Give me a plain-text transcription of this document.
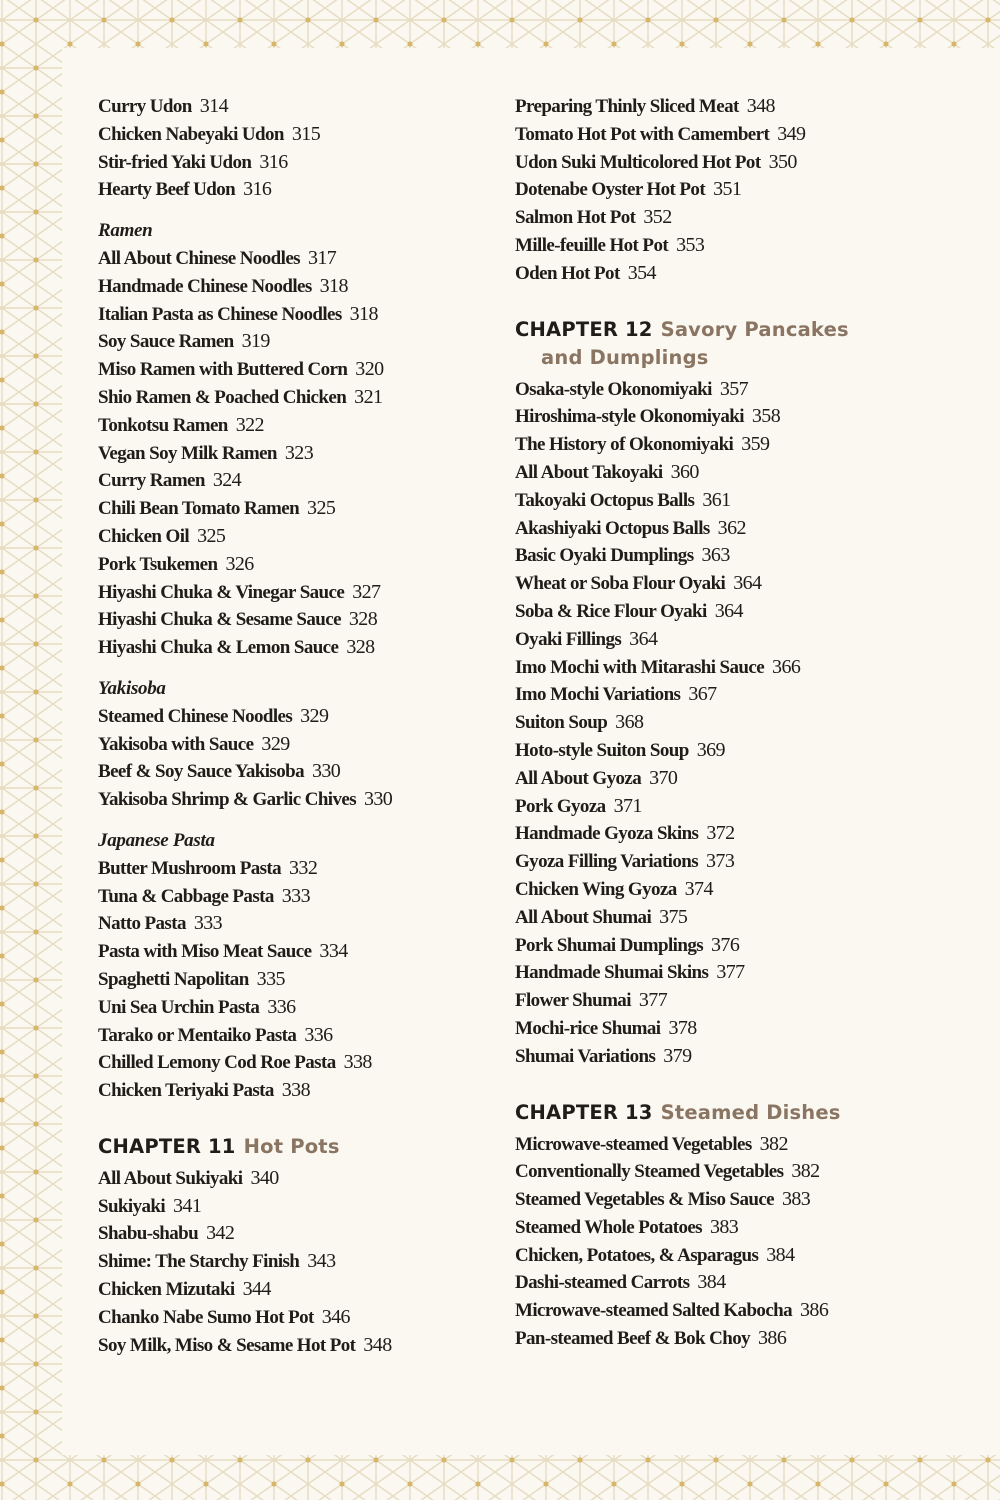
Curry Udon 314
Chicken Nabeyaki Udon 315
Stir-fried Yaki Udon 316
Hearty Beef Udon 316
Ramen
All About Chinese Noodles 317
Handmade Chinese Noodles 318
Italian Pasta as Chinese Noodles 318
Soy Sauce Ramen 319
Miso Ramen with Buttered Corn 320
Shio Ramen & Poached Chicken 321
Tonkotsu Ramen 322
Vegan Soy Milk Ramen 323
Curry Ramen 324
Chili Bean Tomato Ramen 325
Chicken Oil 325
Pork Tsukemen 326
Hiyashi Chuka & Vinegar Sauce 327
Hiyashi Chuka & Sesame Sauce 328
Hiyashi Chuka & Lemon Sauce 328
Yakisoba
Steamed Chinese Noodles 329
Yakisoba with Sauce 329
Beef & Soy Sauce Yakisoba 330
Yakisoba Shrimp & Garlic Chives 330
Japanese Pasta
Butter Mushroom Pasta 332
Tuna & Cabbage Pasta 333
Natto Pasta 333
Pasta with Miso Meat Sauce 334
Spaghetti Napolitan 335
Uni Sea Urchin Pasta 336
Tarako or Mentaiko Pasta 336
Chilled Lemony Cod Roe Pasta 338
Chicken Teriyaki Pasta 338
CHAPTER 11 Hot Pots
All About Sukiyaki 340
Sukiyaki 341
Shabu-shabu 342
Shime: The Starchy Finish 343
Chicken Mizutaki 344
Chanko Nabe Sumo Hot Pot 346
Soy Milk, Miso & Sesame Hot Pot 348
Preparing Thinly Sliced Meat 348
Tomato Hot Pot with Camembert 349
Udon Suki Multicolored Hot Pot 350
Dotenabe Oyster Hot Pot 351
Salmon Hot Pot 352
Mille-feuille Hot Pot 353
Oden Hot Pot 354
CHAPTER 12 Savory Pancakes
and Dumplings
Osaka-style Okonomiyaki 357
Hiroshima-style Okonomiyaki 358
The History of Okonomiyaki 359
All About Takoyaki 360
Takoyaki Octopus Balls 361
Akashiyaki Octopus Balls 362
Basic Oyaki Dumplings 363
Wheat or Soba Flour Oyaki 364
Soba & Rice Flour Oyaki 364
Oyaki Fillings 364
Imo Mochi with Mitarashi Sauce 366
Imo Mochi Variations 367
Suiton Soup 368
Hoto-style Suiton Soup 369
All About Gyoza 370
Pork Gyoza 371
Handmade Gyoza Skins 372
Gyoza Filling Variations 373
Chicken Wing Gyoza 374
All About Shumai 375
Pork Shumai Dumplings 376
Handmade Shumai Skins 377
Flower Shumai 377
Mochi-rice Shumai 378
Shumai Variations 379
CHAPTER 13 Steamed Dishes
Microwave-steamed Vegetables 382
Conventionally Steamed Vegetables 382
Steamed Vegetables & Miso Sauce 383
Steamed Whole Potatoes 383
Chicken, Potatoes, & Asparagus 384
Dashi-steamed Carrots 384
Microwave-steamed Salted Kabocha 386
Pan-steamed Beef & Bok Choy 386
